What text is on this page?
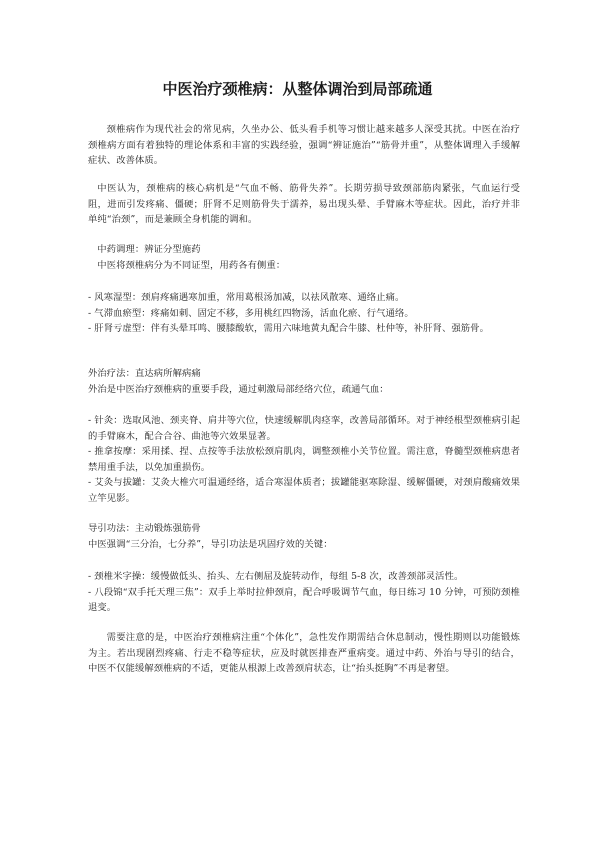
中医治疗颈椎病：从整体调治到局部疏通

颈椎病作为现代社会的常见病，久坐办公、低头看手机等习惯让越来越多人深受其扰。中医在治疗颈椎病方面有着独特的理论体系和丰富的实践经验，强调“辨证施治”“筋骨并重”，从整体调理入手缓解症状、改善体质。

中医认为，颈椎病的核心病机是“气血不畅、筋骨失养”。长期劳损导致颈部筋肉紧张，气血运行受阻，进而引发疼痛、僵硬；肝肾不足则筋骨失于濡养，易出现头晕、手臂麻木等症状。因此，治疗并非单纯“治颈”，而是兼顾全身机能的调和。

中药调理：辨证分型施药

中医将颈椎病分为不同证型，用药各有侧重：

- 风寒湿型：颈肩疼痛遇寒加重，常用葛根汤加减，以祛风散寒、通络止痛。

- 气滞血瘀型：疼痛如刺、固定不移，多用桃红四物汤，活血化瘀、行气通络。

- 肝肾亏虚型：伴有头晕耳鸣、腰膝酸软，需用六味地黄丸配合牛膝、杜仲等，补肝肾、强筋骨。

外治疗法：直达病所解病痛

外治是中医治疗颈椎病的重要手段，通过刺激局部经络穴位，疏通气血：

- 针灸：选取风池、颈夹脊、肩井等穴位，快速缓解肌肉痉挛，改善局部循环。对于神经根型颈椎病引起的手臂麻木，配合合谷、曲池等穴效果显著。

- 推拿按摩：采用揉、捏、点按等手法放松颈肩肌肉，调整颈椎小关节位置。需注意，脊髓型颈椎病患者禁用重手法，以免加重损伤。

- 艾灸与拔罐：艾灸大椎穴可温通经络，适合寒湿体质者；拔罐能驱寒除湿、缓解僵硬，对颈肩酸痛效果立竿见影。

导引功法：主动锻炼强筋骨

中医强调“三分治，七分养”，导引功法是巩固疗效的关键：

- 颈椎米字操：缓慢做低头、抬头、左右侧屈及旋转动作，每组 5-8 次，改善颈部灵活性。

- 八段锦“双手托天理三焦”：双手上举时拉伸颈肩，配合呼吸调节气血，每日练习 10 分钟，可预防颈椎退变。

需要注意的是，中医治疗颈椎病注重“个体化”，急性发作期需结合休息制动，慢性期则以功能锻炼为主。若出现剧烈疼痛、行走不稳等症状，应及时就医排查严重病变。通过中药、外治与导引的结合，中医不仅能缓解颈椎病的不适，更能从根源上改善颈肩状态，让“抬头挺胸”不再是奢望。
